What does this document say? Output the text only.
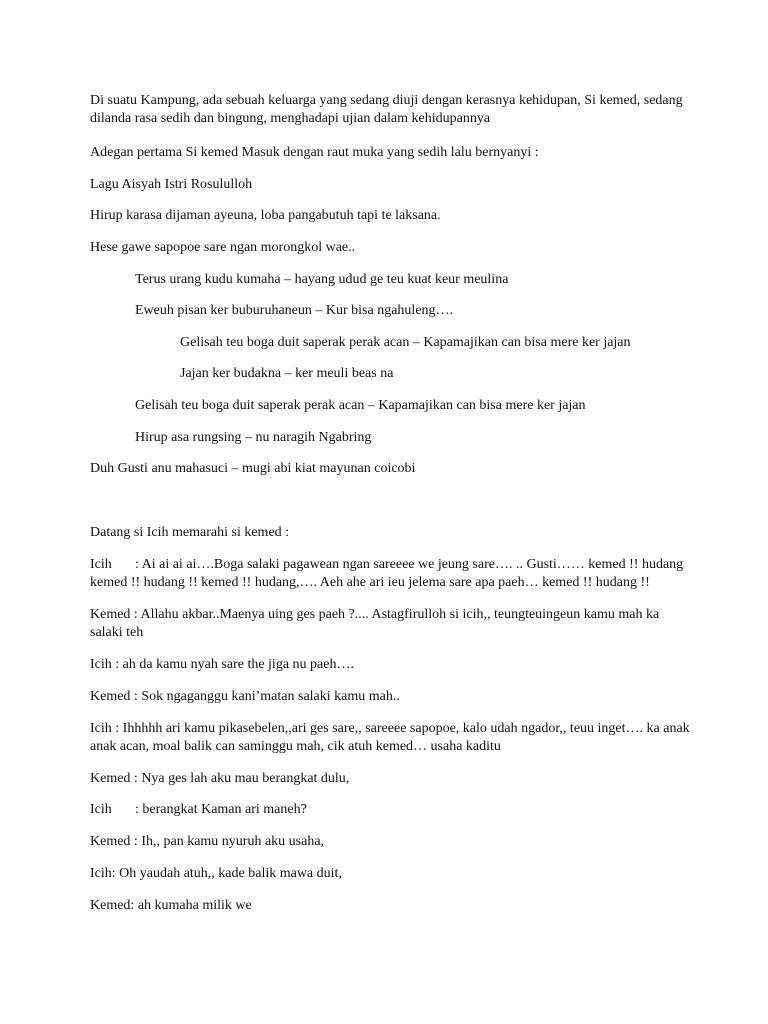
Di suatu Kampung, ada sebuah keluarga yang sedang diuji dengan kerasnya kehidupan, Si kemed, sedang dilanda rasa sedih dan bingung, menghadapi ujian dalam kehidupannya

Adegan pertama Si kemed Masuk dengan raut muka yang sedih lalu bernyanyi :

Lagu Aisyah Istri Rosululloh

Hirup karasa dijaman ayeuna, loba pangabutuh tapi te laksana.

Hese gawe sapopoe sare ngan morongkol wae..

Terus urang kudu kumaha – hayang udud ge teu kuat keur meulina

Eweuh pisan ker buburuhaneun – Kur bisa ngahuleng….

Gelisah teu boga duit saperak perak acan – Kapamajikan can bisa mere ker jajan

Jajan ker budakna – ker meuli beas na

Gelisah teu boga duit saperak perak acan – Kapamajikan can bisa mere ker jajan

Hirup asa rungsing – nu naragih Ngabring

Duh Gusti anu mahasuci – mugi abi kiat mayunan coicobi

Datang si Icih memarahi si kemed :

Icih : Ai ai ai ai….Boga salaki pagawean ngan sareeee we jeung sare…. .. Gusti…… kemed !! hudang kemed !! hudang !! kemed !! hudang,…. Aeh ahe ari ieu jelema sare apa paeh… kemed !! hudang !!

Kemed : Allahu akbar..Maenya uing ges paeh ?.... Astagfirulloh si icih,, teungteuingeun kamu mah ka salaki teh

Icih : ah da kamu nyah sare the jiga nu paeh….

Kemed : Sok ngaganggu kani’matan salaki kamu mah..

Icih : Ihhhhh ari kamu pikasebelen,,ari ges sare,, sareeee sapopoe, kalo udah ngador,, teuu inget…. ka anak anak acan, moal balik can saminggu mah, cik atuh kemed… usaha kaditu

Kemed : Nya ges lah aku mau berangkat dulu,

Icih : berangkat Kaman ari maneh?

Kemed : Ih,, pan kamu nyuruh aku usaha,

Icih: Oh yaudah atuh,, kade balik mawa duit,

Kemed: ah kumaha milik we
